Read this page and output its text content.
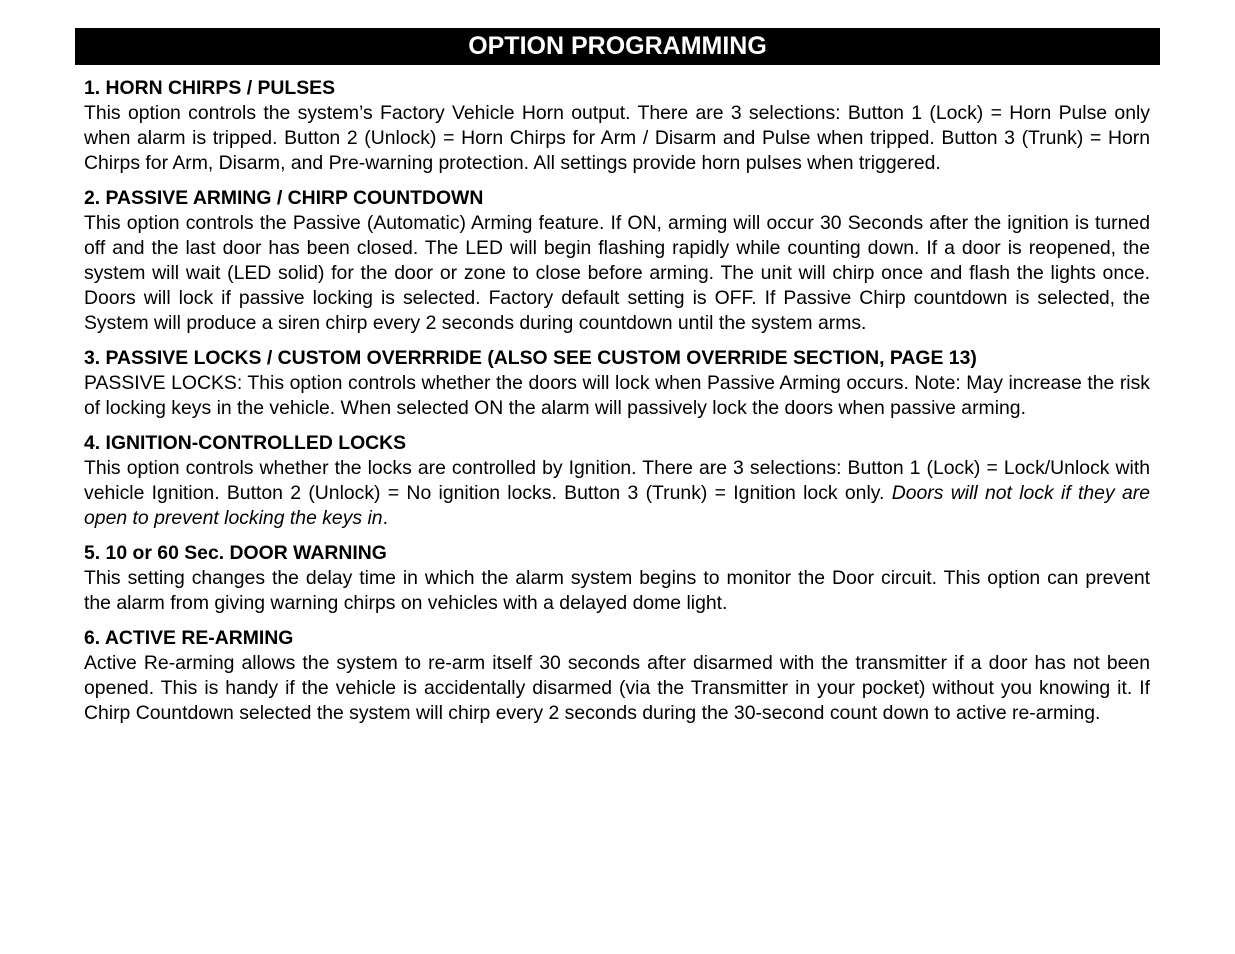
OPTION PROGRAMMING
1. HORN CHIRPS / PULSES

This option controls the system’s Factory Vehicle Horn output. There are 3 selections: Button 1 (Lock) = Horn Pulse only when alarm is tripped. Button 2 (Unlock) = Horn Chirps for Arm / Disarm and Pulse when tripped. Button 3 (Trunk) = Horn Chirps for Arm, Disarm, and Pre-warning protection. All settings provide horn pulses when triggered.

2. PASSIVE ARMING / CHIRP COUNTDOWN

This option controls the Passive (Automatic) Arming feature. If ON, arming will occur 30 Seconds after the ignition is turned off and the last door has been closed. The LED will begin flashing rapidly while counting down. If a door is reopened, the system will wait (LED solid) for the door or zone to close before arming. The unit will chirp once and flash the lights once. Doors will lock if passive locking is selected. Factory default setting is OFF. If Passive Chirp countdown is selected, the System will produce a siren chirp every 2 seconds during countdown until the system arms.

3. PASSIVE LOCKS / CUSTOM OVERRRIDE (ALSO SEE CUSTOM OVERRIDE SECTION, PAGE 13)

PASSIVE LOCKS: This option controls whether the doors will lock when Passive Arming occurs. Note: May increase the risk of locking keys in the vehicle. When selected ON the alarm will passively lock the doors when passive arming.

4. IGNITION-CONTROLLED LOCKS

This option controls whether the locks are controlled by Ignition. There are 3 selections: Button 1 (Lock) = Lock/Unlock with vehicle Ignition. Button 2 (Unlock) = No ignition locks. Button 3 (Trunk) = Ignition lock only. Doors will not lock if they are open to prevent locking the keys in.

5. 10 or 60 Sec. DOOR WARNING

This setting changes the delay time in which the alarm system begins to monitor the Door circuit. This option can prevent the alarm from giving warning chirps on vehicles with a delayed dome light.

6. ACTIVE RE-ARMING

Active Re-arming allows the system to re-arm itself 30 seconds after disarmed with the transmitter if a door has not been opened. This is handy if the vehicle is accidentally disarmed (via the Transmitter in your pocket) without you knowing it. If Chirp Countdown selected the system will chirp every 2 seconds during the 30-second count down to active re-arming.
